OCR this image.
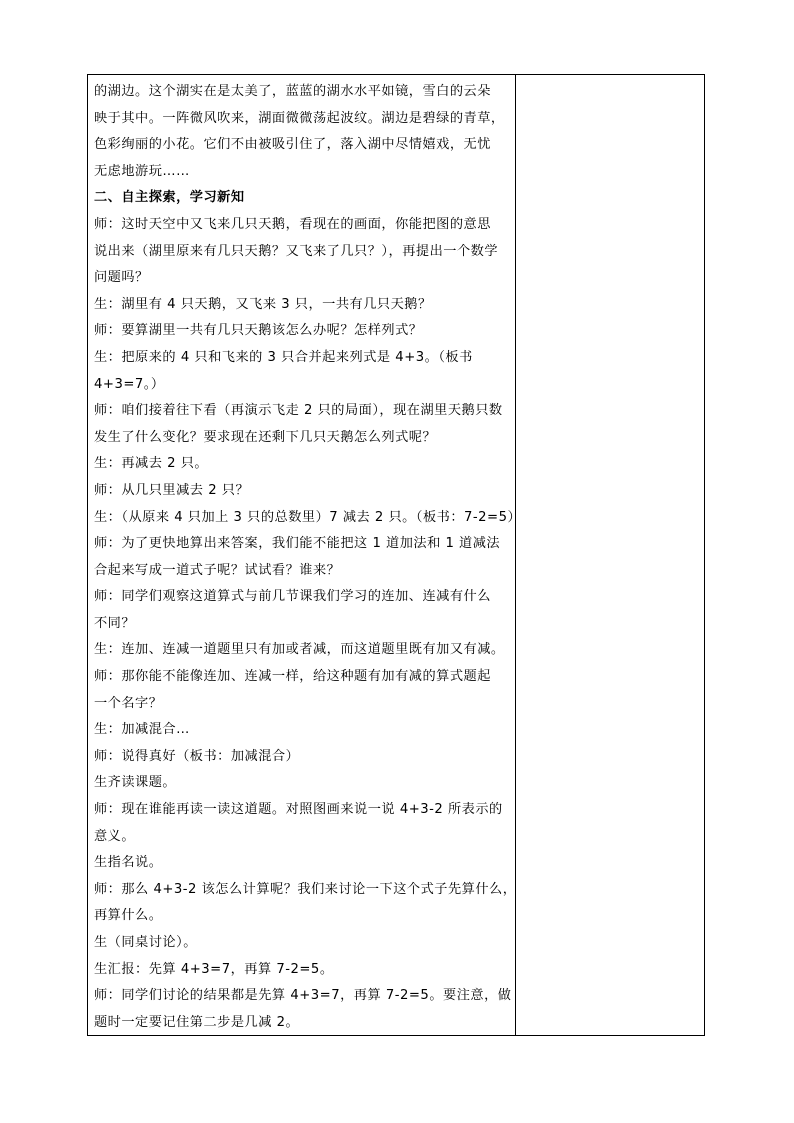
的湖边。这个湖实在是太美了，蓝蓝的湖水水平如镜，雪白的云朵
映于其中。一阵微风吹来，湖面微微荡起波纹。湖边是碧绿的青草，
色彩绚丽的小花。它们不由被吸引住了，落入湖中尽情嬉戏，无忧
无虑地游玩……
二、自主探索，学习新知
师：这时天空中又飞来几只天鹅，看现在的画面，你能把图的意思
说出来（湖里原来有几只天鹅？又飞来了几只？），再提出一个数学
问题吗？
生：湖里有 4 只天鹅，又飞来 3 只，一共有几只天鹅？
师：要算湖里一共有几只天鹅该怎么办呢？怎样列式？
生：把原来的 4 只和飞来的 3 只合并起来列式是 4+3。（板书
4+3=7。）
师：咱们接着往下看（再演示飞走 2 只的局面），现在湖里天鹅只数
发生了什么变化？要求现在还剩下几只天鹅怎么列式呢？
生：再减去 2 只。
师：从几只里减去 2 只？
生：（从原来 4 只加上 3 只的总数里）7 减去 2 只。（板书：7-2=5）
师：为了更快地算出来答案，我们能不能把这 1 道加法和 1 道减法
合起来写成一道式子呢？试试看？谁来？
师：同学们观察这道算式与前几节课我们学习的连加、连减有什么
不同？
生：连加、连减一道题里只有加或者减，而这道题里既有加又有减。
师：那你能不能像连加、连减一样，给这种题有加有减的算式题起
一个名字？
生：加减混合…
师：说得真好（板书：加减混合）
生齐读课题。
师：现在谁能再读一读这道题。对照图画来说一说 4+3-2 所表示的
意义。
生指名说。
师：那么 4+3-2 该怎么计算呢？我们来讨论一下这个式子先算什么，
再算什么。
生（同桌讨论）。
生汇报：先算 4+3=7，再算 7-2=5。
师：同学们讨论的结果都是先算 4+3=7，再算 7-2=5。要注意，做
题时一定要记住第二步是几减 2。
